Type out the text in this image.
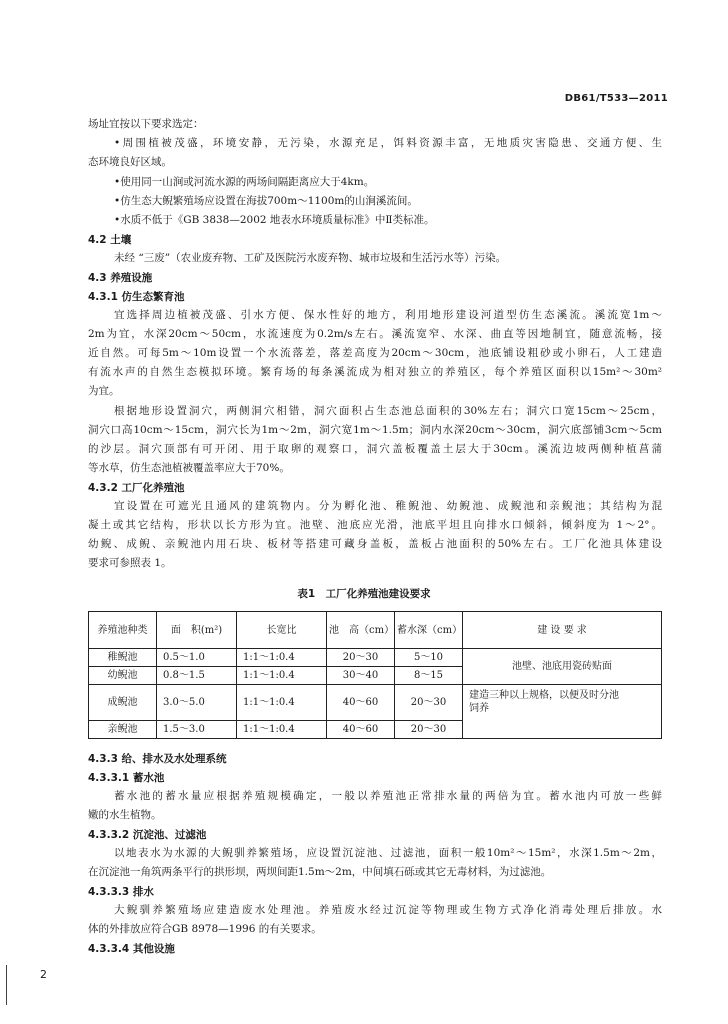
DB61/T533—2011
场址宜按以下要求选定：
•周围植被茂盛，环境安静，无污染，水源充足，饵料资源丰富，无地质灾害隐患、交通方便、生
态环境良好区域。
•使用同一山涧或河流水源的两场间隔距离应大于4km。
•仿生态大鲵繁殖场应设置在海拔700m～1100m的山涧溪流间。
•水质不低于《GB 3838—2002 地表水环境质量标准》中Ⅱ类标准。
4.2 土壤
未经 “三废”（农业废弃物、工矿及医院污水废弃物、城市垃圾和生活污水等）污染。
4.3 养殖设施
4.3.1 仿生态繁育池
宜选择周边植被茂盛、引水方便、保水性好的地方，利用地形建设河道型仿生态溪流。溪流宽1m～
2m为宜，水深20cm～50cm，水流速度为0.2m/s左右。溪流宽窄、水深、曲直等因地制宜，随意流畅，接
近自然。可每5m～10m设置一个水流落差，落差高度为20cm～30cm，池底铺设粗砂或小卵石，人工建造
有流水声的自然生态模拟环境。繁育场的每条溪流成为相对独立的养殖区，每个养殖区面积以15m²～30m²
为宜。
根据地形设置洞穴，两侧洞穴相错，洞穴面积占生态池总面积的30%左右；洞穴口宽15cm～25cm，
洞穴口高10cm～15cm，洞穴长为1m～2m，洞穴宽1m～1.5m；洞内水深20cm～30cm，洞穴底部铺3cm～5cm
的沙层。洞穴顶部有可开闭、用于取卵的观察口，洞穴盖板覆盖土层大于30cm。溪流边坡两侧种植菖蒲
等水草，仿生态池植被覆盖率应大于70%。
4.3.2 工厂化养殖池
宜设置在可遮光且通风的建筑物内。分为孵化池、稚鲵池、幼鲵池、成鲵池和亲鲵池；其结构为混
凝土或其它结构，形状以长方形为宜。池壁、池底应光滑，池底平坦且向排水口倾斜，倾斜度为 1～2°。
幼鲵、成鲵、亲鲵池内用石块、板材等搭建可藏身盖板，盖板占池面积的50%左右。工厂化池具体建设
要求可参照表 1。
表1　工厂化养殖池建设要求
养殖池种类	面　积(m²)	长宽比	池　高（cm）	蓄水深（cm）	建 设 要 求
稚鲵池	0.5～1.0	1:1～1:0.4	20～30	5～10	池壁、池底用瓷砖贴面
幼鲵池	0.8～1.5	1:1～1:0.4	30～40	8～15	
成鲵池	3.0～5.0	1:1～1:0.4	40～60	20～30	建造三种以上规格，以便及时分池
饲养

亲鲵池	1.5～3.0	1:1～1:0.4	40～60	20～30	
4.3.3 给、排水及水处理系统
4.3.3.1 蓄水池
蓄水池的蓄水量应根据养殖规模确定，一般以养殖池正常排水量的两倍为宜。蓄水池内可放一些鲜
嫩的水生植物。
4.3.3.2 沉淀池、过滤池
以地表水为水源的大鲵驯养繁殖场，应设置沉淀池、过滤池，面积一般10m²～15m²，水深1.5m～2m，
在沉淀池一角筑两条平行的拱形坝，两坝间距1.5m～2m，中间填石砾或其它无毒材料，为过滤池。
4.3.3.3 排水
大鲵驯养繁殖场应建造废水处理池。养殖废水经过沉淀等物理或生物方式净化消毒处理后排放。水
体的外排放应符合GB 8978—1996 的有关要求。
4.3.3.4 其他设施
2
